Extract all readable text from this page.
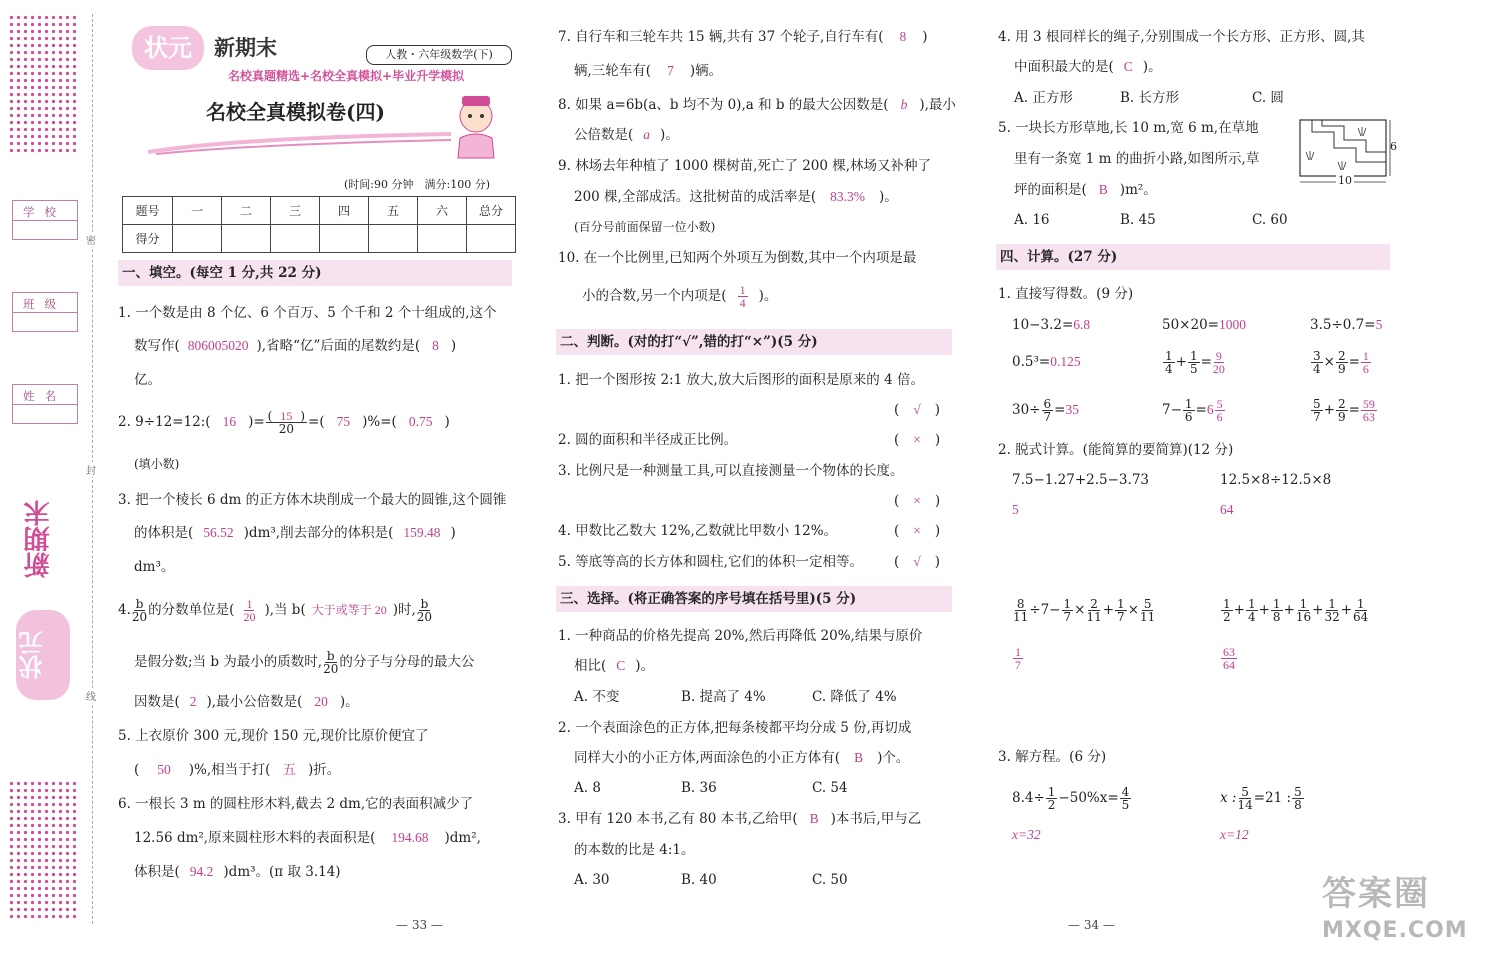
学校
班级
姓名
密
封
线
新期末
状元
状元	新期末	人教・六年级数学(下)
名校真题精选+名校全真模拟+毕业升学模拟
名校全真模拟卷(四)
(时间:90 分钟　满分:100 分)
题号	一	二	三	四	五	六	总分
得分							
一、填空。(每空 1 分,共 22 分)
1. 一个数是由 8 个亿、6 个百万、5 个千和 2 个十组成的,这个
数写作( 806005020 ),省略“亿”后面的尾数约是( 8 )
亿。
2. 9÷12=12:( 16 )= $\frac{( 15 )}{20}$ =( 75 )%=( 0.75 )
(填小数)
3. 把一个棱长 6 dm 的正方体木块削成一个最大的圆锥,这个圆锥
的体积是( 56.52 )dm³,削去部分的体积是( 159.48 )
dm³。
4. $\frac{b}{20}$ 的分数单位是( $\frac{1}{20}$ ),当 b( 大于或等于 20 )时, $\frac{b}{20}$
是假分数;当 b 为最小的质数时, $\frac{b}{20}$ 的分子与分母的最大公
因数是( 2 ),最小公倍数是( 20 )。
5. 上衣原价 300 元,现价 150 元,现价比原价便宜了
( 50 )%,相当于打( 五 )折。
6. 一根长 3 m 的圆柱形木料,截去 2 dm,它的表面积减少了
12.56 dm²,原来圆柱形木料的表面积是( 194.68 )dm²,
体积是( 94.2 )dm³。(π 取 3.14)
— 33 —
7. 自行车和三轮车共 15 辆,共有 37 个轮子,自行车有( 8 )
辆,三轮车有( 7 )辆。
8. 如果 a=6b(a、b 均不为 0),a 和 b 的最大公因数是( b ),最小
公倍数是( a )。
9. 林场去年种植了 1000 棵树苗,死亡了 200 棵,林场又补种了
200 棵,全部成活。这批树苗的成活率是( 83.3% )。
(百分号前面保留一位小数)
10. 在一个比例里,已知两个外项互为倒数,其中一个内项是最
小的合数,另一个内项是( $\frac{1}{4}$ )。
二、判断。(对的打“√”,错的打“×”)(5 分)
1. 把一个图形按 2:1 放大,放大后图形的面积是原来的 4 倍。
( √ )
2. 圆的面积和半径成正比例。	( × )
3. 比例尺是一种测量工具,可以直接测量一个物体的长度。
( × )
4. 甲数比乙数大 12%,乙数就比甲数小 12%。	( × )
5. 等底等高的长方体和圆柱,它们的体积一定相等。 ( √ )
三、选择。(将正确答案的序号填在括号里)(5 分)
1. 一种商品的价格先提高 20%,然后再降低 20%,结果与原价
相比( C )。
A. 不变	B. 提高了 4%	C. 降低了 4%
2. 一个表面涂色的正方体,把每条棱都平均分成 5 份,再切成
同样大小的小正方体,两面涂色的小正方体有( B )个。
A. 8	B. 36	C. 54
3. 甲有 120 本书,乙有 80 本书,乙给甲( B )本书后,甲与乙
的本数的比是 4:1。
A. 30	B. 40	C. 50
— 34 —
4. 用 3 根同样长的绳子,分别围成一个长方形、正方形、圆,其
中面积最大的是( C )。
A. 正方形	B. 长方形	C. 圆
5. 一块长方形草地,长 10 m,宽 6 m,在草地
里有一条宽 1 m 的曲折小路,如图所示,草
坪的面积是( B )m²。
A. 16	B. 45	C. 60
6
10
四、计算。(27 分)
1. 直接写得数。(9 分)
10−3.2=6.8	50×20=1000	3.5÷0.7=5
0.5³=0.125	$\frac{1}{4} + \frac{1}{5} = \frac{9}{20}$	$\frac{3}{4} \times \frac{2}{9} = \frac{1}{6}$
$30\div \frac{6}{7} =35$	$7- \frac{1}{6} =6 \frac{5}{6}$	$\frac{5}{7} + \frac{2}{9} = \frac{59}{63}$
2. 脱式计算。(能简算的要简算)(12 分)
7.5−1.27+2.5−3.73	12.5×8÷12.5×8
5	64
$\frac{8}{11} \div 7- \frac{1}{7} \times \frac{2}{11} + \frac{1}{7} \times \frac{5}{11}$	$\frac{1}{2} + \frac{1}{4} + \frac{1}{8} + \frac{1}{16} + \frac{1}{32} + \frac{1}{64}$
$\frac{1}{7}$	$\frac{63}{64}$
3. 解方程。(6 分)
$8.4\div \frac{1}{2} -50\%x= \frac{4}{5}$	x : $\frac{5}{14} =21$ : $\frac{5}{8}$
x=32	x=12
答案圈
MXQE.COM
